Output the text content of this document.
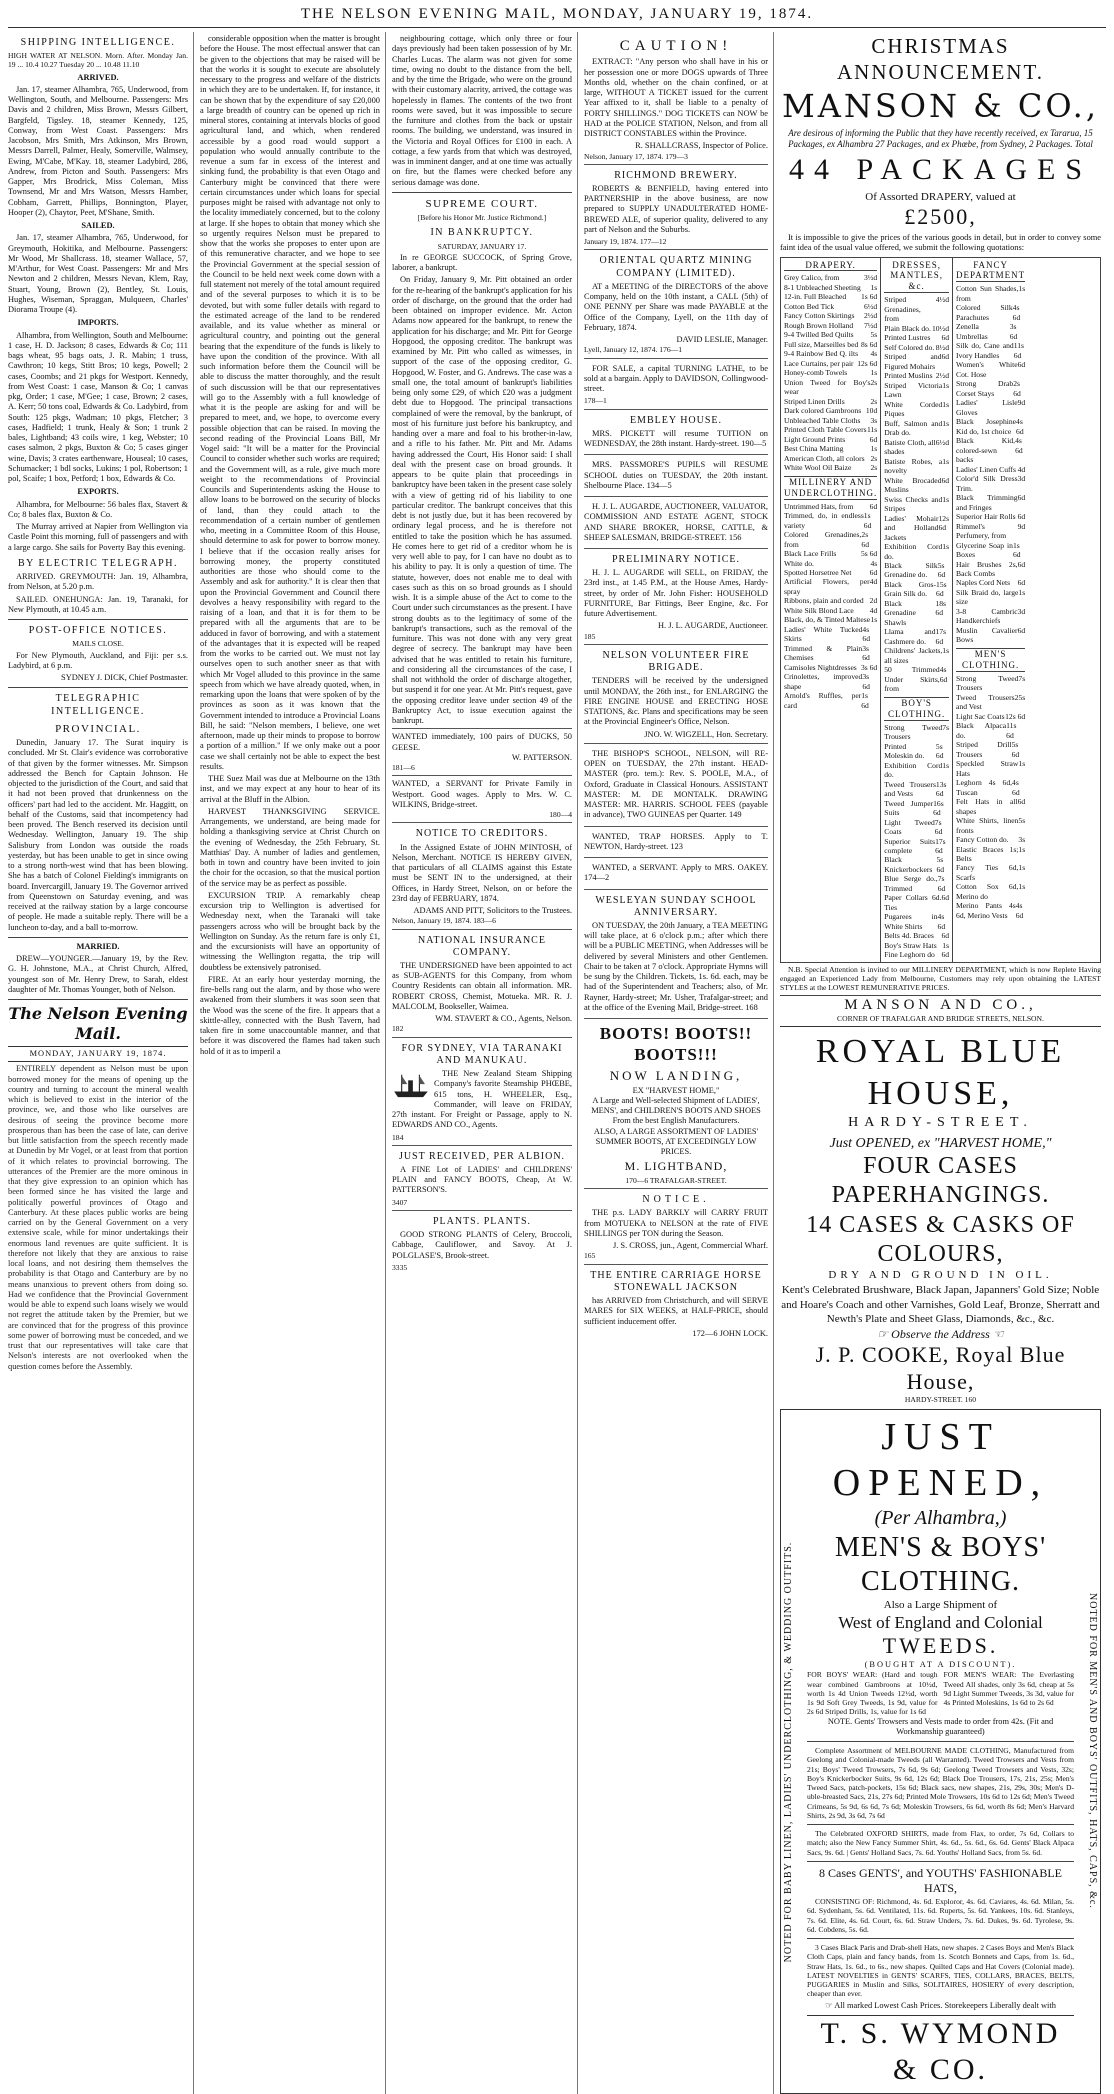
THE NELSON EVENING MAIL, MONDAY, JANUARY 19, 1874.
SHIPPING INTELLIGENCE.
HIGH WATER AT NELSON. Morn. After. Monday Jan. 19 ... 10.4 10.27 Tuesday 20 ... 10.48 11.10
ARRIVED.
Jan. 17, steamer Alhambra, 765, Underwood, from Wellington, South, and Melbourne. Passengers: Mrs Davis and 2 children, Miss Brown, Messrs Gilbert, Bargfeld, Tigsley. 18, steamer Kennedy, 125, Conway, from West Coast. Passengers: Mrs Jacobson, Mrs Smith, Mrs Atkinson, Mrs Brown, Messrs Darrell, Palmer, Healy, Somerville, Walmsey, Ewing, M'Cabe, M'Kay. 18, steamer Ladybird, 286, Andrew, from Picton and South. Passengers: Mrs Gapper, Mrs Brodrick, Miss Coleman, Miss Townsend, Mr and Mrs Watson, Messrs Hamber, Cobham, Garrett, Phillips, Bonnington, Player, Hooper (2), Chaytor, Peet, M'Shane, Smith.
SAILED.
Jan. 17, steamer Alhambra, 765, Underwood, for Greymouth, Hokitika, and Melbourne. Passengers: Mr Wood, Mr Shallcrass. 18, steamer Wallace, 57, M'Arthur, for West Coast. Passengers: Mr and Mrs Newton and 2 children, Messrs Nevan, Klem, Ray, Stuart, Young, Brown (2), Bentley, St. Louis, Hughes, Wiseman, Spraggan, Mulqueen, Charles' Diorama Troupe (4).
IMPORTS.
Alhambra, from Wellington, South and Melbourne: 1 case, H. D. Jackson; 8 cases, Edwards & Co; 111 bags wheat, 95 bags oats, J. R. Mabin; 1 truss, Cawthron; 10 kegs, Stitt Bros; 10 kegs, Powell; 2 cases, Coombs; and 21 pkgs for Westport. Kennedy, from West Coast: 1 case, Manson & Co; 1 canvas pkg, Order; 1 case, M'Gee; 1 case, Brown; 2 cases, A. Kerr; 50 tons coal, Edwards & Co. Ladybird, from South: 125 pkgs, Wadman; 10 pkgs, Fletcher; 3 cases, Hadfield; 1 trunk, Healy & Son; 1 trunk 2 bales, Lightband; 43 coils wire, 1 keg, Webster; 10 cases salmon, 2 pkgs, Buxton & Co; 5 cases ginger wine, Davis; 3 crates earthenware, Houseal; 10 cases, Schumacker; 1 bdl socks, Lukins; 1 pol, Robertson; 1 pol, Scaife; 1 box, Petford; 1 box, Edwards & Co.
EXPORTS.
Alhambra, for Melbourne: 56 bales flax, Stavert & Co; 8 bales flax, Buxton & Co.
The Murray arrived at Napier from Wellington via Castle Point this morning, full of passengers and with a large cargo. She sails for Poverty Bay this evening.
BY ELECTRIC TELEGRAPH.
ARRIVED. GREYMOUTH: Jan. 19, Alhambra, from Nelson, at 5.20 p.m.
SAILED. ONEHUNGA: Jan. 19, Taranaki, for New Plymouth, at 10.45 a.m.
POST-OFFICE NOTICES.
MAILS CLOSE.
For New Plymouth, Auckland, and Fiji: per s.s. Ladybird, at 6 p.m.
SYDNEY J. DICK, Chief Postmaster.
TELEGRAPHIC INTELLIGENCE.
PROVINCIAL.
Dunedin, January 17. The Surat inquiry is concluded. Mr St. Clair's evidence was corroborative of that given by the former witnesses. Mr. Simpson addressed the Bench for Captain Johnson. He objected to the jurisdiction of the Court, and said that it had not been proved that drunkenness on the officers' part had led to the accident. Mr. Haggitt, on behalf of the Customs, said that incompetency had been proved. The Bench reserved its decision until Wednesday. Wellington, January 19. The ship Salisbury from London was outside the roads yesterday, but has been unable to get in since owing to a strong north-west wind that has been blowing. She has a batch of Colonel Fielding's immigrants on board. Invercargill, January 19. The Governor arrived from Queenstown on Saturday evening, and was received at the railway station by a large concourse of people. He made a suitable reply. There will be a luncheon to-day, and a ball to-morrow.
MARRIED.
DREW—YOUNGER.—January 19, by the Rev. G. H. Johnstone, M.A., at Christ Church, Alfred, youngest son of Mr. Henry Drew, to Sarah, eldest daughter of Mr. Thomas Younger, both of Nelson.
The Nelson Evening Mail.
MONDAY, JANUARY 19, 1874.
ENTIRELY dependent as Nelson must be upon borrowed money for the means of opening up the country and turning to account the mineral wealth which is believed to exist in the interior of the province, we, and those who like ourselves are desirous of seeing the province become more prosperous than has been the case of late, can derive but little satisfaction from the speech recently made at Dunedin by Mr Vogel, or at least from that portion of it which relates to provincial borrowing. The utterances of the Premier are the more ominous in that they give expression to an opinion which has been formed since he has visited the large and politically powerful provinces of Otago and Canterbury. At these places public works are being carried on by the General Government on a very extensive scale, while for minor undertakings their enormous land revenues are quite sufficient. It is therefore not likely that they are anxious to raise local loans, and not desiring them themselves the probability is that Otago and Canterbury are by no means unanxious to prevent others from doing so. Had we confidence that the Provincial Government would be able to expend such loans wisely we would not regret the attitude taken by the Premier, but we are convinced that for the progress of this province some power of borrowing must be conceded, and we trust that our representatives will take care that Nelson's interests are not overlooked when the question comes before the Assembly.
considerable opposition when the matter is brought before the House. The most effectual answer that can be given to the objections that may be raised will be that the works it is sought to execute are absolutely necessary to the progress and welfare of the districts in which they are to be undertaken. If, for instance, it can be shown that by the expenditure of say £20,000 a large breadth of country can be opened up rich in mineral stores, containing at intervals blocks of good agricultural land, and which, when rendered accessible by a good road would support a population who would annually contribute to the revenue a sum far in excess of the interest and sinking fund, the probability is that even Otago and Canterbury might be convinced that there were certain circumstances under which loans for special purposes might be raised with advantage not only to the locality immediately concerned, but to the colony at large. If she hopes to obtain that money which she so urgently requires Nelson must be prepared to show that the works she proposes to enter upon are of this remunerative character, and we hope to see the Provincial Government at the special session of the Council to be held next week come down with a full statement not merely of the total amount required and of the several purposes to which it is to be devoted, but with some fuller details with regard to the estimated acreage of the land to be rendered available, and its value whether as mineral or agricultural country, and pointing out the general bearing that the expenditure of the funds is likely to have upon the condition of the province. With all such information before them the Council will be able to discuss the matter thoroughly, and the result of such discussion will be that our representatives will go to the Assembly with a full knowledge of what it is the people are asking for and will be prepared to meet, and, we hope, to overcome every possible objection that can be raised. In moving the second reading of the Provincial Loans Bill, Mr Vogel said: "It will be a matter for the Provincial Council to consider whether such works are required; and the Government will, as a rule, give much more weight to the recommendations of Provincial Councils and Superintendents asking the House to allow loans to be borrowed on the security of blocks of land, than they could attach to the recommendation of a certain number of gentlemen who, meeting in a Committee Room of this House, should determine to ask for power to borrow money. I believe that if the occasion really arises for borrowing money, the property constituted authorities are those who should come to the Assembly and ask for authority." It is clear then that upon the Provincial Government and Council there devolves a heavy responsibility with regard to the raising of a loan, and that it is for them to be prepared with all the arguments that are to be adduced in favor of borrowing, and with a statement of the advantages that it is expected will be reaped from the works to be carried out. We must not lay ourselves open to such another sneer as that with which Mr Vogel alluded to this province in the same speech from which we have already quoted, when, in remarking upon the loans that were spoken of by the provinces as soon as it was known that the Government intended to introduce a Provincial Loans Bill, he said: "Nelson members, I believe, one wet afternoon, made up their minds to propose to borrow a portion of a million." If we only make out a poor case we shall certainly not be able to expect the best results.
THE Suez Mail was due at Melbourne on the 13th inst, and we may expect at any hour to hear of its arrival at the Bluff in the Albion.
HARVEST THANKSGIVING SERVICE. Arrangements, we understand, are being made for holding a thanksgiving service at Christ Church on the evening of Wednesday, the 25th February, St. Matthias' Day. A number of ladies and gentlemen, both in town and country have been invited to join the choir for the occasion, so that the musical portion of the service may be as perfect as possible.
EXCURSION TRIP. A remarkably cheap excursion trip to Wellington is advertised for Wednesday next, when the Taranaki will take passengers across who will be brought back by the Wellington on Sunday. As the return fare is only £1, and the excursionists will have an opportunity of witnessing the Wellington regatta, the trip will doubtless be extensively patronised.
FIRE. At an early hour yesterday morning, the fire-bells rang out the alarm, and by those who were awakened from their slumbers it was soon seen that the Wood was the scene of the fire. It appears that a skittle-alley, connected with the Bush Tavern, had taken fire in some unaccountable manner, and that before it was discovered the flames had taken such hold of it as to imperil a
neighbouring cottage, which only three or four days previously had been taken possession of by Mr. Charles Lucas. The alarm was not given for some time, owing no doubt to the distance from the bell, and by the time the Brigade, who were on the ground with their customary alacrity, arrived, the cottage was hopelessly in flames. The contents of the two front rooms were saved, but it was impossible to secure the furniture and clothes from the back or upstair rooms. The building, we understand, was insured in the Victoria and Royal Offices for £100 in each. A cottage, a few yards from that which was destroyed, was in imminent danger, and at one time was actually on fire, but the flames were checked before any serious damage was done.
SUPREME COURT.
[Before his Honor Mr. Justice Richmond.]
IN BANKRUPTCY.
SATURDAY, JANUARY 17.
In re GEORGE SUCCOCK, of Spring Grove, laborer, a bankrupt.
On Friday, January 9, Mr. Pitt obtained an order for the re-hearing of the bankrupt's application for his order of discharge, on the ground that the order had been obtained on improper evidence. Mr. Acton Adams now appeared for the bankrupt, to renew the application for his discharge; and Mr. Pitt for George Hopgood, the opposing creditor. The bankrupt was examined by Mr. Pitt who called as witnesses, in support of the case of the opposing creditor, G. Hopgood, W. Foster, and G. Andrews. The case was a small one, the total amount of bankrupt's liabilities being only some £29, of which £20 was a judgment debt due to Hopgood. The principal transactions complained of were the removal, by the bankrupt, of most of his furniture just before his bankruptcy, and handing over a mare and foal to his brother-in-law, and a rifle to his father. Mr. Pitt and Mr. Adams having addressed the Court, His Honor said: I shall deal with the present case on broad grounds. It appears to be quite plain that proceedings in bankruptcy have been taken in the present case solely with a view of getting rid of his liability to one particular creditor. The bankrupt conceives that this debt is not justly due, but it has been recovered by ordinary legal process, and he is therefore not entitled to take the position which he has assumed. He comes here to get rid of a creditor whom he is very well able to pay, for I can have no doubt as to his ability to pay. It is only a question of time. The statute, however, does not enable me to deal with cases such as this on so broad grounds as I should wish. It is a simple abuse of the Act to come to the Court under such circumstances as the present. I have strong doubts as to the legitimacy of some of the bankrupt's transactions, such as the removal of the furniture. This was not done with any very great degree of secrecy. The bankrupt may have been advised that he was entitled to retain his furniture, and considering all the circumstances of the case, I shall not withhold the order of discharge altogether, but suspend it for one year. At Mr. Pitt's request, gave the opposing creditor leave under section 49 of the Bankruptcy Act, to issue execution against the bankrupt.
WANTED immediately, 100 pairs of DUCKS, 50 GEESE.
W. PATTERSON.
181—6
WANTED, a SERVANT for Private Family in Westport. Good wages. Apply to Mrs. W. C. WILKINS, Bridge-street.
180—4
NOTICE TO CREDITORS.
In the Assigned Estate of JOHN M'INTOSH, of Nelson, Merchant. NOTICE IS HEREBY GIVEN, that particulars of all CLAIMS against this Estate must be SENT IN to the undersigned, at their Offices, in Hardy Street, Nelson, on or before the 23rd day of FEBRUARY, 1874.
ADAMS AND PITT, Solicitors to the Trustees.
Nelson, January 19, 1874. 183—6
NATIONAL INSURANCE COMPANY.
THE UNDERSIGNED have been appointed to act as SUB-AGENTS for this Company, from whom Country Residents can obtain all information. MR. ROBERT CROSS, Chemist, Motueka. MR. R. J. MALCOLM, Bookseller, Waimea.
WM. STAVERT & CO., Agents, Nelson.
182
FOR SYDNEY, VIA TARANAKI AND MANUKAU.
THE New Zealand Steam Shipping Company's favorite Steamship PHŒBE, 615 tons, H. WHEELER, Esq., Commander, will leave on FRIDAY, 27th instant. For Freight or Passage, apply to N. EDWARDS AND CO., Agents.
184
JUST RECEIVED, PER ALBION.
A FINE Lot of LADIES' and CHILDRENS' PLAIN and FANCY BOOTS, Cheap, At W. PATTERSON'S.
3407
PLANTS. PLANTS.
GOOD STRONG PLANTS of Celery, Broccoli, Cabbage, Cauliflower, and Savoy. At J. POLGLASE'S, Brook-street.
3335
CAUTION!
EXTRACT: "Any person who shall have in his or her possession one or more DOGS upwards of Three Months old, whether on the chain confined, or at large, WITHOUT A TICKET issued for the current Year affixed to it, shall be liable to a penalty of FORTY SHILLINGS." DOG TICKETS can NOW be HAD at the POLICE STATION, Nelson, and from all DISTRICT CONSTABLES within the Province.
R. SHALLCRASS, Inspector of Police.
Nelson, January 17, 1874. 179—3
RICHMOND BREWERY.
ROBERTS & BENFIELD, having entered into PARTNERSHIP in the above business, are now prepared to SUPPLY UNADULTERATED HOME-BREWED ALE, of superior quality, delivered to any part of Nelson and the Suburbs.
January 19, 1874. 177—12
ORIENTAL QUARTZ MINING COMPANY (LIMITED).
AT a MEETING of the DIRECTORS of the above Company, held on the 10th instant, a CALL (5th) of ONE PENNY per Share was made PAYABLE at the Office of the Company, Lyell, on the 11th day of February, 1874.
DAVID LESLIE, Manager.
Lyell, January 12, 1874. 176—1
FOR SALE, a capital TURNING LATHE, to be sold at a bargain. Apply to DAVIDSON, Collingwood-street.
178—1
EMBLEY HOUSE.
MRS. PICKETT will resume TUITION on WEDNESDAY, the 28th instant. Hardy-street. 190—5
MRS. PASSMORE'S PUPILS will RESUME SCHOOL duties on TUESDAY, the 20th instant. Shelbourne Place. 134—5
H. J. L. AUGARDE, AUCTIONEER, VALUATOR, COMMISSION AND ESTATE AGENT, STOCK AND SHARE BROKER, HORSE, CATTLE, & SHEEP SALESMAN, BRIDGE-STREET. 156
PRELIMINARY NOTICE.
H. J. L. AUGARDE will SELL, on FRIDAY, the 23rd inst., at 1.45 P.M., at the House Ames, Hardy-street, by order of Mr. John Fisher: HOUSEHOLD FURNITURE, Bar Fittings, Beer Engine, &c. For future Advertisement.
H. J. L. AUGARDE, Auctioneer.
185
NELSON VOLUNTEER FIRE BRIGADE.
TENDERS will be received by the undersigned until MONDAY, the 26th inst., for ENLARGING the FIRE ENGINE HOUSE and ERECTING HOSE STATIONS, &c. Plans and specifications may be seen at the Provincial Engineer's Office, Nelson.
JNO. W. WIGZELL, Hon. Secretary.
THE BISHOP'S SCHOOL, NELSON, will RE-OPEN on TUESDAY, the 27th instant. HEAD-MASTER (pro. tem.): Rev. S. POOLE, M.A., of Oxford, Graduate in Classical Honours. ASSISTANT MASTER: M. DE MONTALK. DRAWING MASTER: MR. HARRIS. SCHOOL FEES (payable in advance), TWO GUINEAS per Quarter. 149
WANTED, TRAP HORSES. Apply to T. NEWTON, Hardy-street. 123
WANTED, a SERVANT. Apply to MRS. OAKEY. 174—2
WESLEYAN SUNDAY SCHOOL ANNIVERSARY.
ON TUESDAY, the 20th January, a TEA MEETING will take place, at 6 o'clock p.m.; after which there will be a PUBLIC MEETING, when Addresses will be delivered by several Ministers and other Gentlemen. Chair to be taken at 7 o'clock. Appropriate Hymns will be sung by the Children. Tickets, 1s. 6d. each, may be had of the Superintendent and Teachers; also, of Mr. Rayner, Hardy-street; Mr. Usher, Trafalgar-street; and at the office of the Evening Mail, Bridge-street. 168
BOOTS! BOOTS!! BOOTS!!!
NOW LANDING,
EX "HARVEST HOME,"
A Large and Well-selected Shipment of LADIES', MENS', and CHILDREN'S BOOTS AND SHOES From the best English Manufacturers.
ALSO, A LARGE ASSORTMENT OF LADIES' SUMMER BOOTS, AT EXCEEDINGLY LOW PRICES.
M. LIGHTBAND,
170—6 TRAFALGAR-STREET.
NOTICE.
THE p.s. LADY BARKLY will CARRY FRUIT from MOTUEKA to NELSON at the rate of FIVE SHILLINGS per TON during the Season.
J. S. CROSS, jun., Agent, Commercial Wharf.
165
THE ENTIRE CARRIAGE HORSE STONEWALL JACKSON
has ARRIVED from Christchurch, and will SERVE MARES for SIX WEEKS, at HALF-PRICE, should sufficient inducement offer.
172—6 JOHN LOCK.
CHRISTMAS ANNOUNCEMENT.
MANSON & CO.,
Are desirous of informing the Public that they have recently received, ex Tararua, 15 Packages, ex Alhambra 27 Packages, and ex Phœbe, from Sydney, 2 Packages. Total
44 PACKAGES
Of Assorted DRAPERY, valued at
£2500,
It is impossible to give the prices of the various goods in detail, but in order to convey some faint idea of the usual value offered, we submit the following quotations:
DRAPERY.
Grey Calico, from	3½d
8-1 Unbleached Sheeting 1s
12-in. Full Bleached 1s 6d
Cotton Bed Tick	6½d
Fancy Cotton Skirtings 2½d
Rough Brown Holland 7½d
9-4 Twilled Bed Quilts 5s
Full size, Marseilles bed 8s 6d
9-4 Rainbow Bed Q. ilts 4s
Lace Curtains, per pair 12s 6d
Honey-comb Towels	1s
Union Tweed for Boy's wear
2s
Striped Linen Drills	2s
Dark colored Gambroons 10d
Unbleached Table Cloths 3s
Printed Cloth Table Covers 11s
Light Ground Prints	6d
Best China Matting	1s
American Cloth, all colors 2s
White Wool Oil Baize	2s
MILLINERY AND UNDERCLOTHING.
Untrimmed Hats, from 6d
Trimmed, do, in endless variety
1s 6d
Colored Grenadines, from
2s 6d
Black Lace Frills	5s 6d
White do.	4s
Spotted Horsetree Net 6d
Artificial Flowers, per spray
4d
Ribbons, plain and corded 2d
White Silk Blond Lace 4d
Black, do, & Tinted Maltese 1s
Ladies' White Tucked Skirts
4s 6d
Trimmed & Plain Chemises
3s 6d
Camisoles Nightdresses 3s 6d
Crinolettes, improved shape
3s 6d
Arnold's Ruffles, per card
1s 6d
DRESSES, MANTLES, &c.
Striped Grenadines, from
4½d
Plain Black do. 10½d
Printed Lustres 6d
Self Colored do. 8½d
Striped and Figured Mohairs
6d
Printed Muslins 2½d
Striped Victoria Lawn
1s
White Corded Piques
1s
Buff, Salmon and Drab do.
1s
Batiste Cloth, all shades
6½d
Batiste Robes, a novelty
1s
White Brocaded Muslins
6d
Swiss Checks and Stripes
1s
Ladies' Mohair and Holland Jackets
12s 6d
Exhibition Cord do.
1s
Black Silk Grenadine do.
5s 6d
Black Gros-Grain Silk do.
15s 6d
Black Grenadine Shawls
18s 6d
Llama and Cashmere do.
17s 6d
Childrens' Jackets, all sizes
1s
50 Trimmed Under Skirts, from
4s 6d
BOY'S CLOTHING.
Strong Tweed Trousers
7s
Printed Moleskin do.
5s 6d
Exhibition Cord do.
1s
Tweed Trousers and Vests
13s 6d
Tweed Jumper Suits
16s 6d
Light Tweed Coats
7s 6d
Superior Suits complete
17s 6d
Black Knickerbockers
5s 6d
Blue Serge do., Trimmed
7s 6d
Paper Collars 6d. Ties
6d
Pugarees in White Shirts
4s 6d
Belts 4d. Braces 6d
Boy's Straw Hats 1s
Fine Leghorn do 6d
FANCY DEPARTMENT
Cotton Sun Shades, from
1s
Colored Silk Parachutes
4s 6d
Zenella Umbrellas
3s 6d
Silk do, Cane and Ivory Handles
11s 6d
Women's White Cot. Hose
6d
Strong Drab Corset Stays
2s 6d
Ladies' Lisle Gloves
9d
Black Josephine Kid do, 1st choice
4s 6d
Black Kid, colored-sewn backs
4s 6d
Ladies' Linen Cuffs 4d
Color'd Silk Dress Trim.
3d
Black Trimming and Fringes
6d
Superior Hair Rolls 6d
Rimmel's Perfumery, from
9d
Glycerine Soap in Boxes
1s 6d
Hair Brushes 2s, Back Combs
6d
Naples Cord Nets 6d
Silk Braid do, large size
1s
3-8 Cambric Handkerchiefs
3d
Muslin Cavalier Bows
6d
MEN'S CLOTHING.
Strong Tweed Trousers
7s
Tweed Trousers and Vest
25s
Light Sac Coats 12s 6d
Black Alpaca do.
11s 6d
Striped Drill Trousers
5s 6d
Speckled Straw Hats
1s
Leghorn 4s 6d, Tuscan
4s 6d
Felt Hats in all shapes
6d
White Shirts, linen fronts
5s
Fancy Cotton do. 3s
Elastic Braces 1s; Belts
1s
Fancy Ties 6d, Scarfs
1s
Cotton Sox 6d, Merino do
1s
Merino Pants 4s 6d, Merino Vests
4s 6d
N.B. Special Attention is invited to our MILLINERY DEPARTMENT, which is now Replete Having engaged an Experienced Lady from Melbourne, Customers may rely upon obtaining the LATEST STYLES at the LOWEST REMUNERATIVE PRICES.
MANSON AND CO.,
CORNER OF TRAFALGAR AND BRIDGE STREETS, NELSON.
ROYAL BLUE HOUSE,
HARDY-STREET.
Just OPENED, ex "HARVEST HOME,"
FOUR CASES PAPERHANGINGS.
14 CASES & CASKS OF COLOURS,
DRY AND GROUND IN OIL.
Kent's Celebrated Brushware, Black Japan, Japanners' Gold Size; Noble and Hoare's Coach and other Varnishes, Gold Leaf, Bronze, Sherratt and Newth's Plate and Sheet Glass, Diamonds, &c., &c.
☞ Observe the Address ☜
J. P. COOKE, Royal Blue House,
HARDY-STREET. 160
NOTED FOR BABY LINEN, LADIES' UNDERCLOTHING, & WEDDING OUTFITS.	NOTED FOR MEN'S AND BOYS' OUTFITS, HATS, CAPS, &c.
JUST OPENED,
(Per Alhambra,)
MEN'S & BOYS' CLOTHING.
Also a Large Shipment of
West of England and Colonial
TWEEDS.
(BOUGHT AT A DISCOUNT).
FOR BOYS' WEAR: (Hard and tough wear combined Gambroons at 10½d, worth 1s 4d Union Tweeds 12½d, worth 1s 9d Soft Grey Tweeds, 1s 9d, value for 2s 6d Striped Drills, 1s, value for 1s 6d
FOR MEN'S WEAR: The Everlasting Tweed All shades, only 3s 6d, cheap at 5s 9d Light Summer Tweeds, 3s 3d, value for 4s Printed Moleskins, 1s 6d to 2s 6d
NOTE. Gents' Trowsers and Vests made to order from 42s. (Fit and Workmanship guaranteed)
Complete Assortment of MELBOURNE MADE CLOTHING, Manufactured from Geelong and Colonial-made Tweeds (all Warranted). Tweed Trowsers and Vests from 21s; Boys' Tweed Trowsers, 7s 6d, 9s 6d; Geelong Tweed Trowsers and Vests, 32s; Boy's Knickerbocker Suits, 9s 6d, 12s 6d; Black Doe Trousers, 17s, 21s, 25s; Men's Tweed Sacs, patch-pockets, 15s 6d; Black sacs, new shapes, 21s, 29s, 30s; Men's D-uble-breasted Sacs, 21s, 27s 6d; Printed Mole Trowsers, 10s 6d to 12s 6d; Men's Tweed Crimeans, 5s 9d, 6s 6d, 7s 6d; Moleskin Trowsers, 6s 6d, worth 8s 6d; Men's Harvard Shirts, 2s 9d, 3s 6d, 7s 6d
The Celebrated OXFORD SHIRTS, made from Flax, to order, 7s 6d, Collars to match; also the New Fancy Summer Shirt, 4s. 6d., 5s. 6d., 6s. 6d. Gents' Black Alpaca Sacs, 9s. 6d. | Gents' Holland Sacs, 7s. 6d. Youths' Holland Sacs, from 5s. 6d.
8 Cases GENTS', and YOUTHS' FASHIONABLE HATS,
CONSISTING OF: Richmond, 4s. 6d. Exploror, 4s. 6d. Caviares, 4s. 6d. Milan, 5s. 6d. Sydenham, 5s. 6d. Ventilated, 11s. 6d. Ruperts, 5s. 6d. Yankees, 10s. 6d. Stanleys, 7s. 6d. Elite, 4s. 6d. Court, 6s. 6d. Straw Unders, 7s. 6d. Dukes, 9s. 6d. Tyrolese, 9s. 6d. Cobdens, 5s. 6d.
3 Cases Black Paris and Drab-shell Hats, new shapes. 2 Cases Boys and Men's Black Cloth Caps, plain and fancy bands, from 1s. Scotch Bonnets and Caps, from 1s. 6d., Straw Hats, 1s. 6d., to 6s., new shapes. Quilted Caps and Hat Covers (Colonial made). LATEST NOVELTIES in GENTS' SCARFS, TIES, COLLARS, BRACES, BELTS, PUGGARIES in Muslin and Silks, SOLITAIRES, HOSIERY of every description, cheaper than ever.
☞ All marked Lowest Cash Prices. Storekeepers Liberally dealt with
T. S. WYMOND & CO.
